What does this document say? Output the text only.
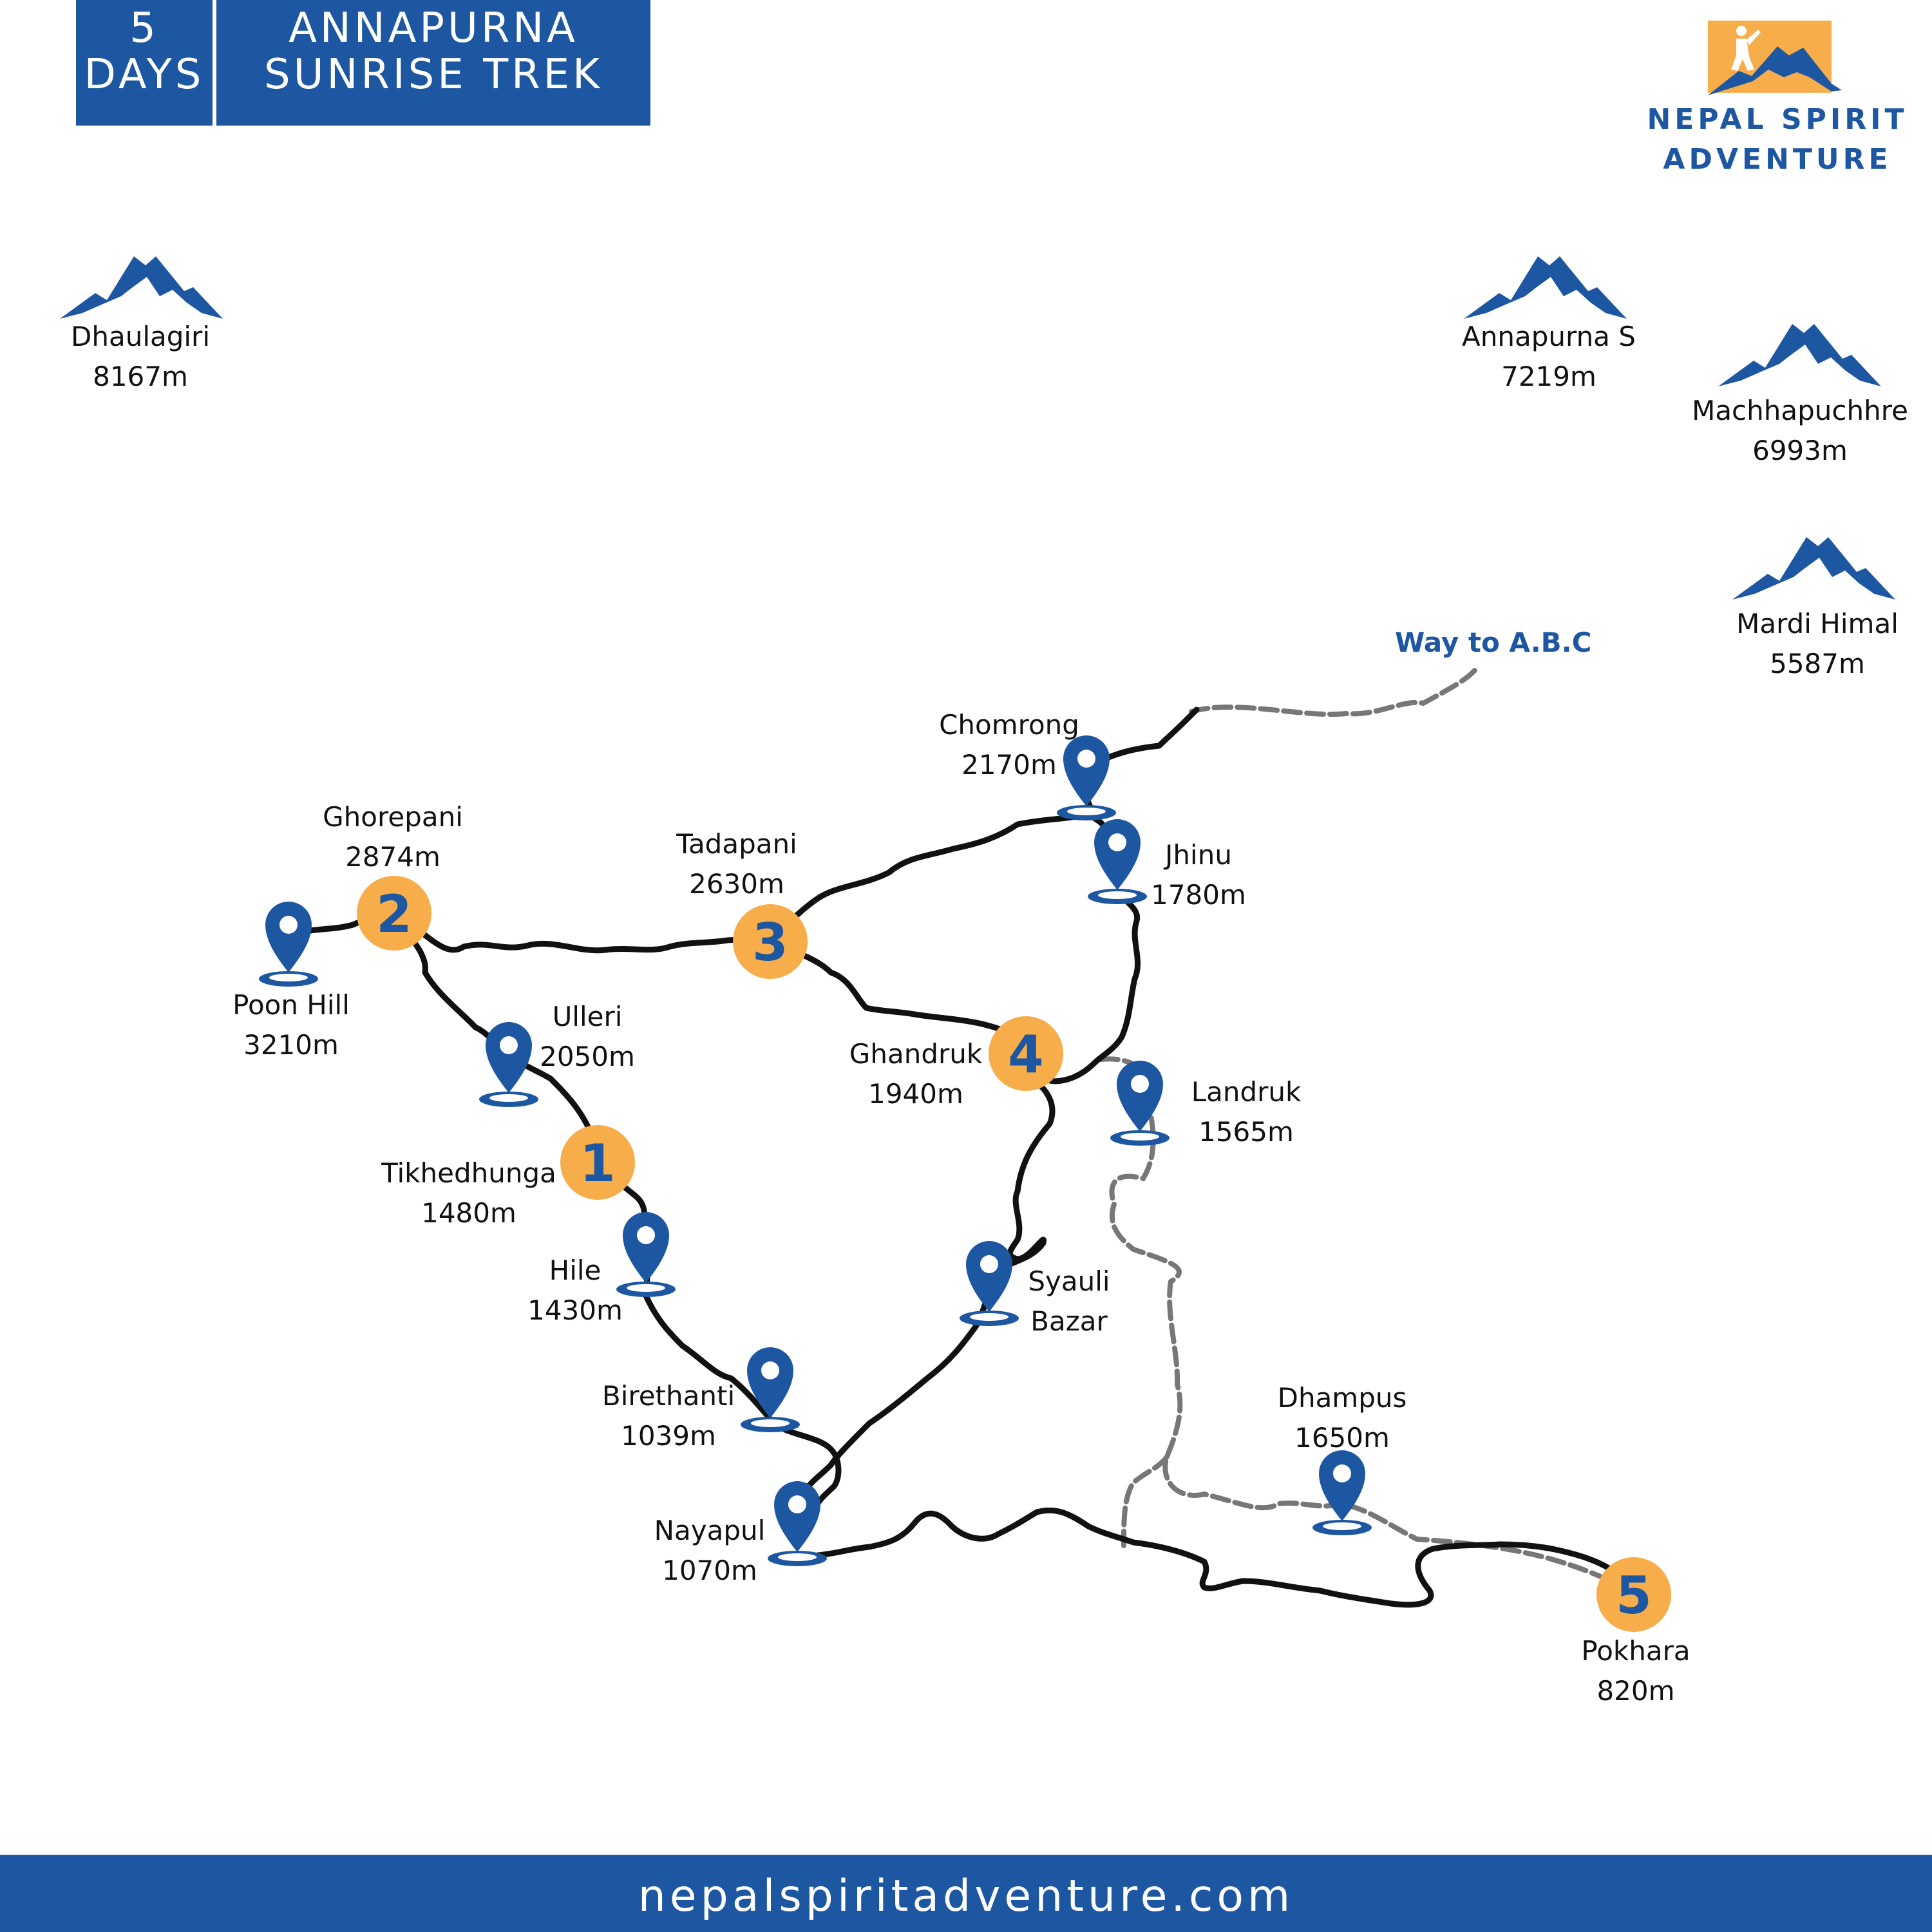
5
DAYS
ANNAPURNA
SUNRISE TREK
1
2	3
4
5
NEPAL SPIRIT
ADVENTURE
Dhaulagiri
8167m
Annapurna S
7219m
Machhapuchhre
6993m
Mardi Himal
5587m
Way to A.B.C
Tikhedhunga
1480m
Ghorepani
2874m	Tadapani
2630m
Ghandruk
1940m
Pokhara
820m
Poon Hill
3210m
Ulleri
2050m
Hile
1430m
Birethanti
1039m
Nayapul
1070m
Chomrong
2170m
Jhinu
1780m
Landruk
1565m
Syauli
Bazar
Dhampus
1650m
nepalspiritadventure.com
